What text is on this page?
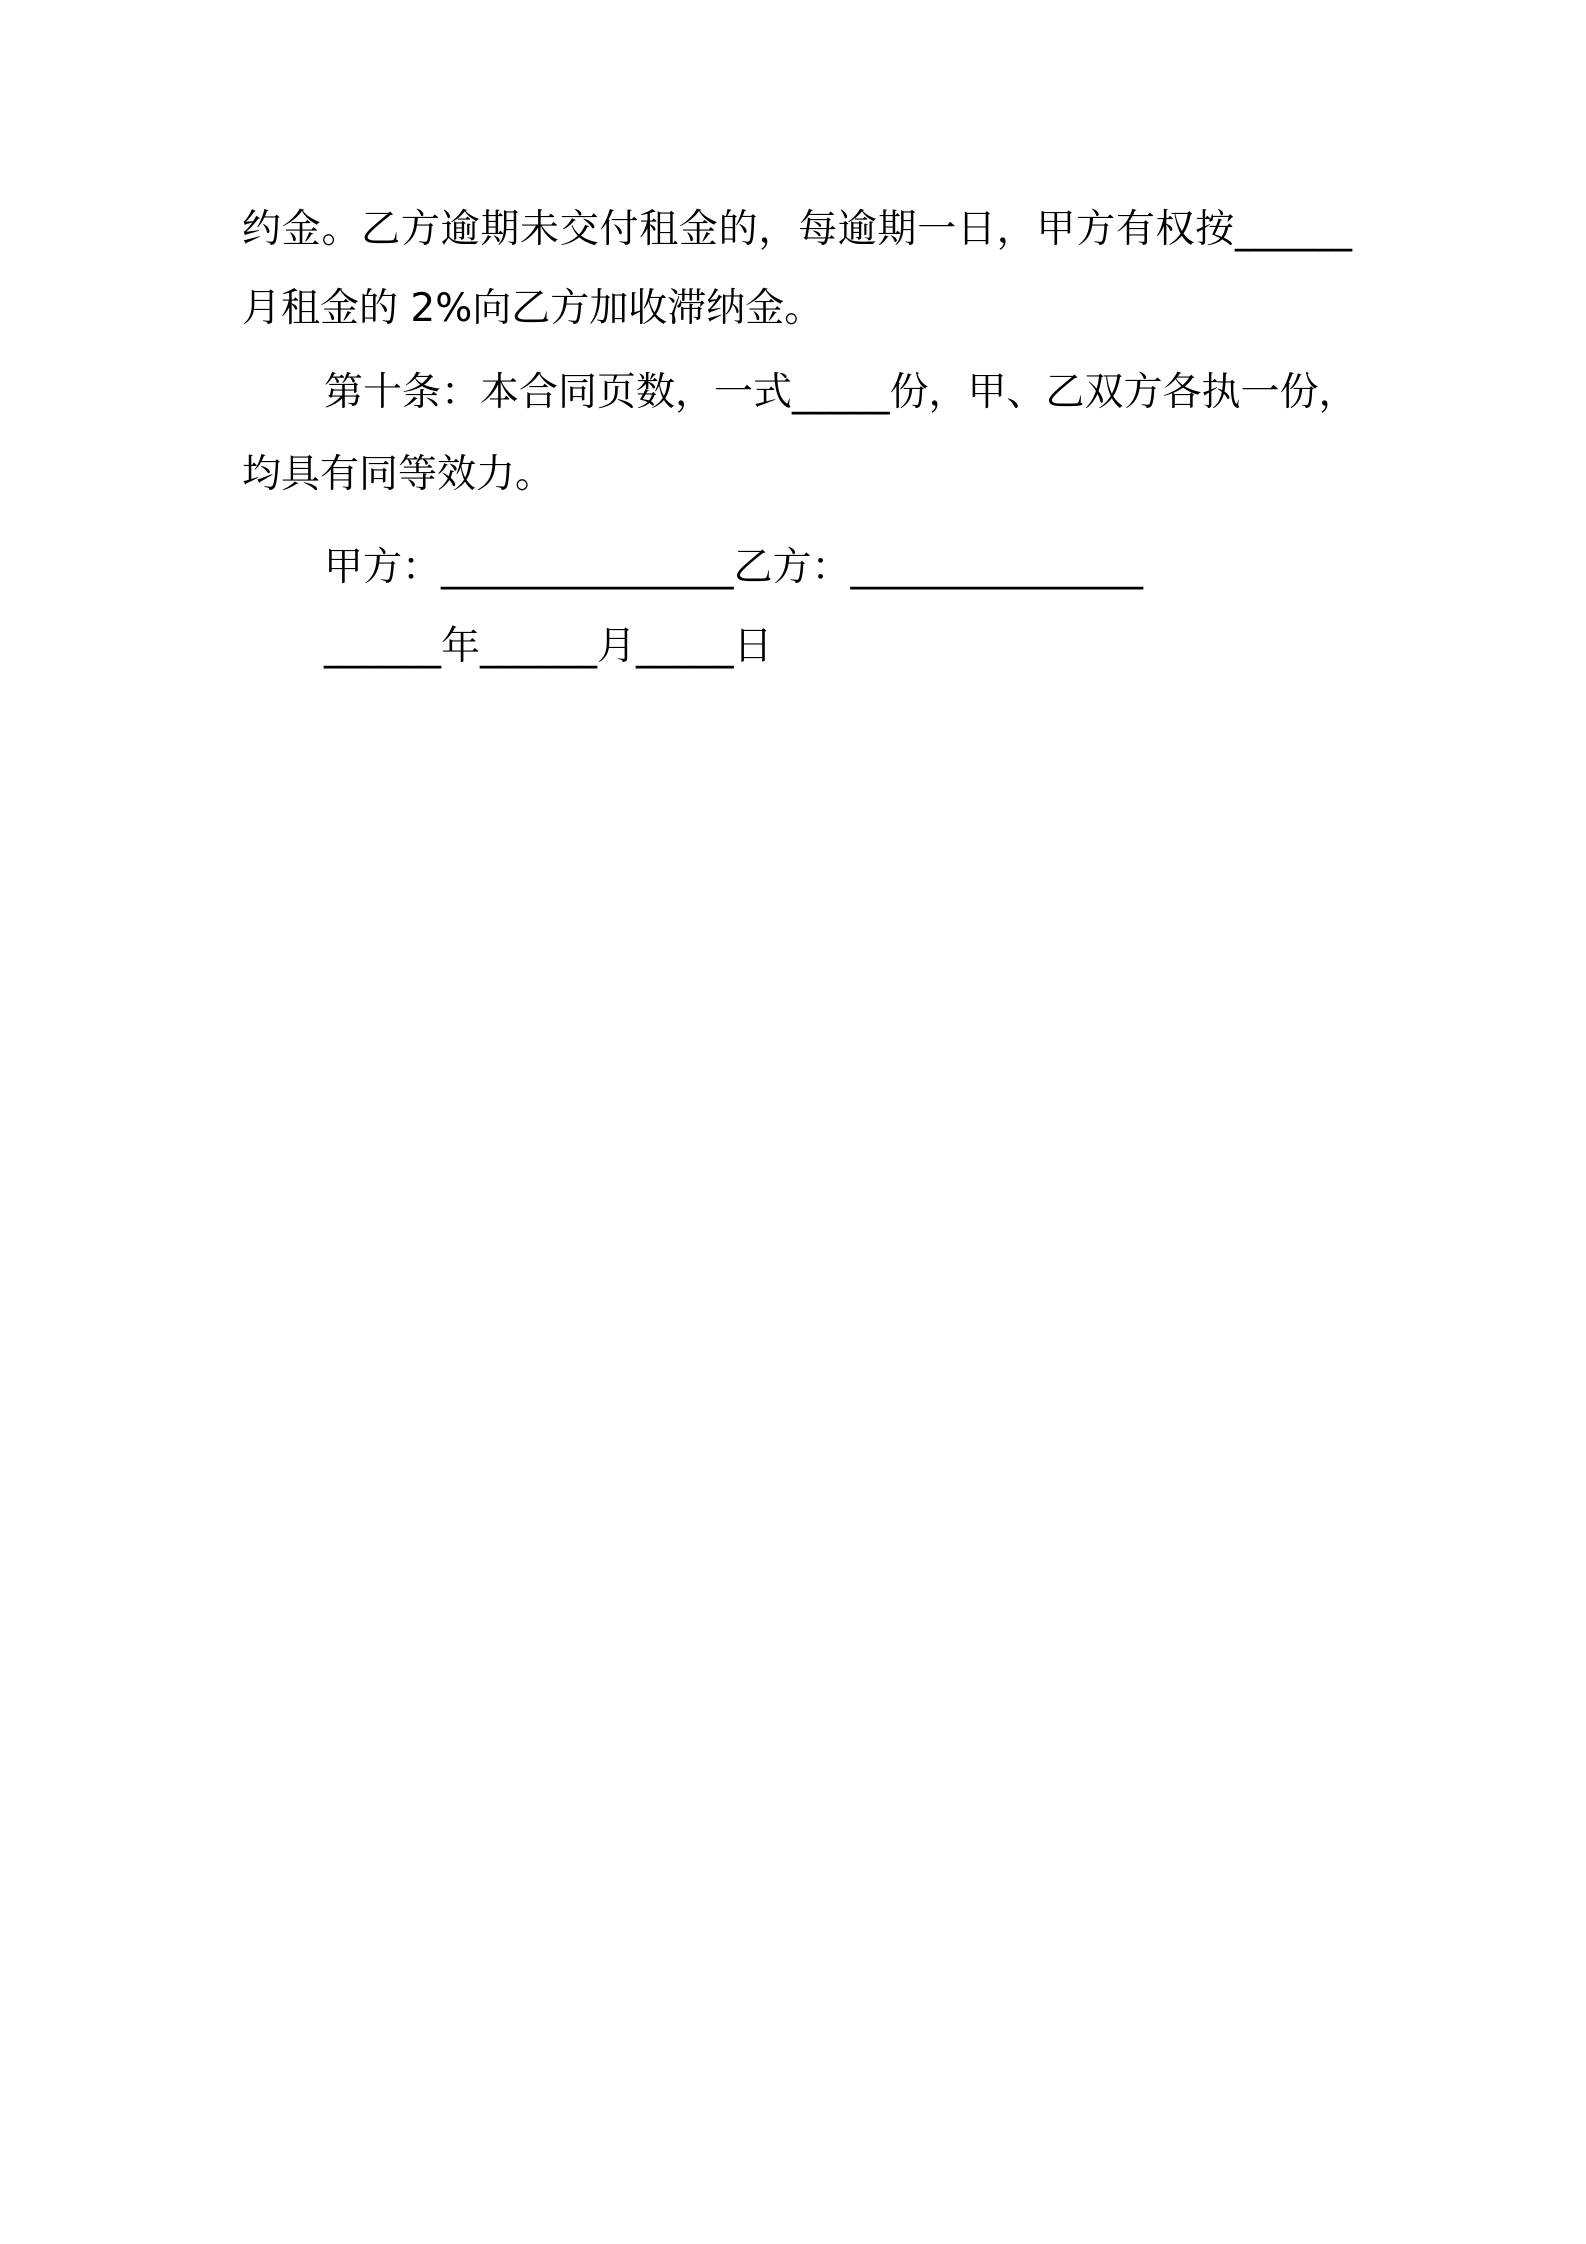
约金。乙方逾期未交付租金的，每逾期一日，甲方有权按______
月租金的 2%向乙方加收滞纳金。
第十条：本合同页数，一式_____份，甲、乙双方各执一份，
均具有同等效力。
甲方：_______________乙方：_______________
______年______月_____日
